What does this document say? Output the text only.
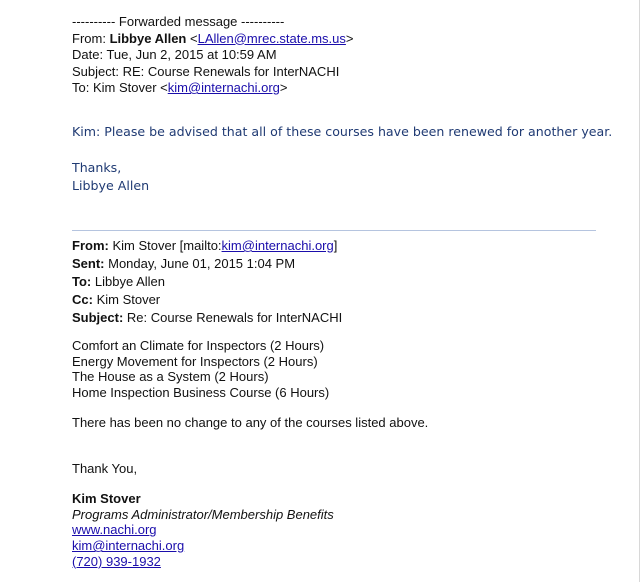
---------- Forwarded message ----------
From: Libbye Allen <LAllen@mrec.state.ms.us>
Date: Tue, Jun 2, 2015 at 10:59 AM
Subject: RE: Course Renewals for InterNACHI
To: Kim Stover <kim@internachi.org>
Kim: Please be advised that all of these courses have been renewed for another year.
Thanks,
Libbye Allen
From: Kim Stover [mailto:kim@internachi.org]
Sent: Monday, June 01, 2015 1:04 PM
To: Libbye Allen
Cc: Kim Stover
Subject: Re: Course Renewals for InterNACHI
Comfort an Climate for Inspectors (2 Hours)
Energy Movement for Inspectors (2 Hours)
The House as a System (2 Hours)
Home Inspection Business Course (6 Hours)
There has been no change to any of the courses listed above.
Thank You,
Kim Stover
Programs Administrator/Membership Benefits
www.nachi.org
kim@internachi.org
(720) 939-1932
